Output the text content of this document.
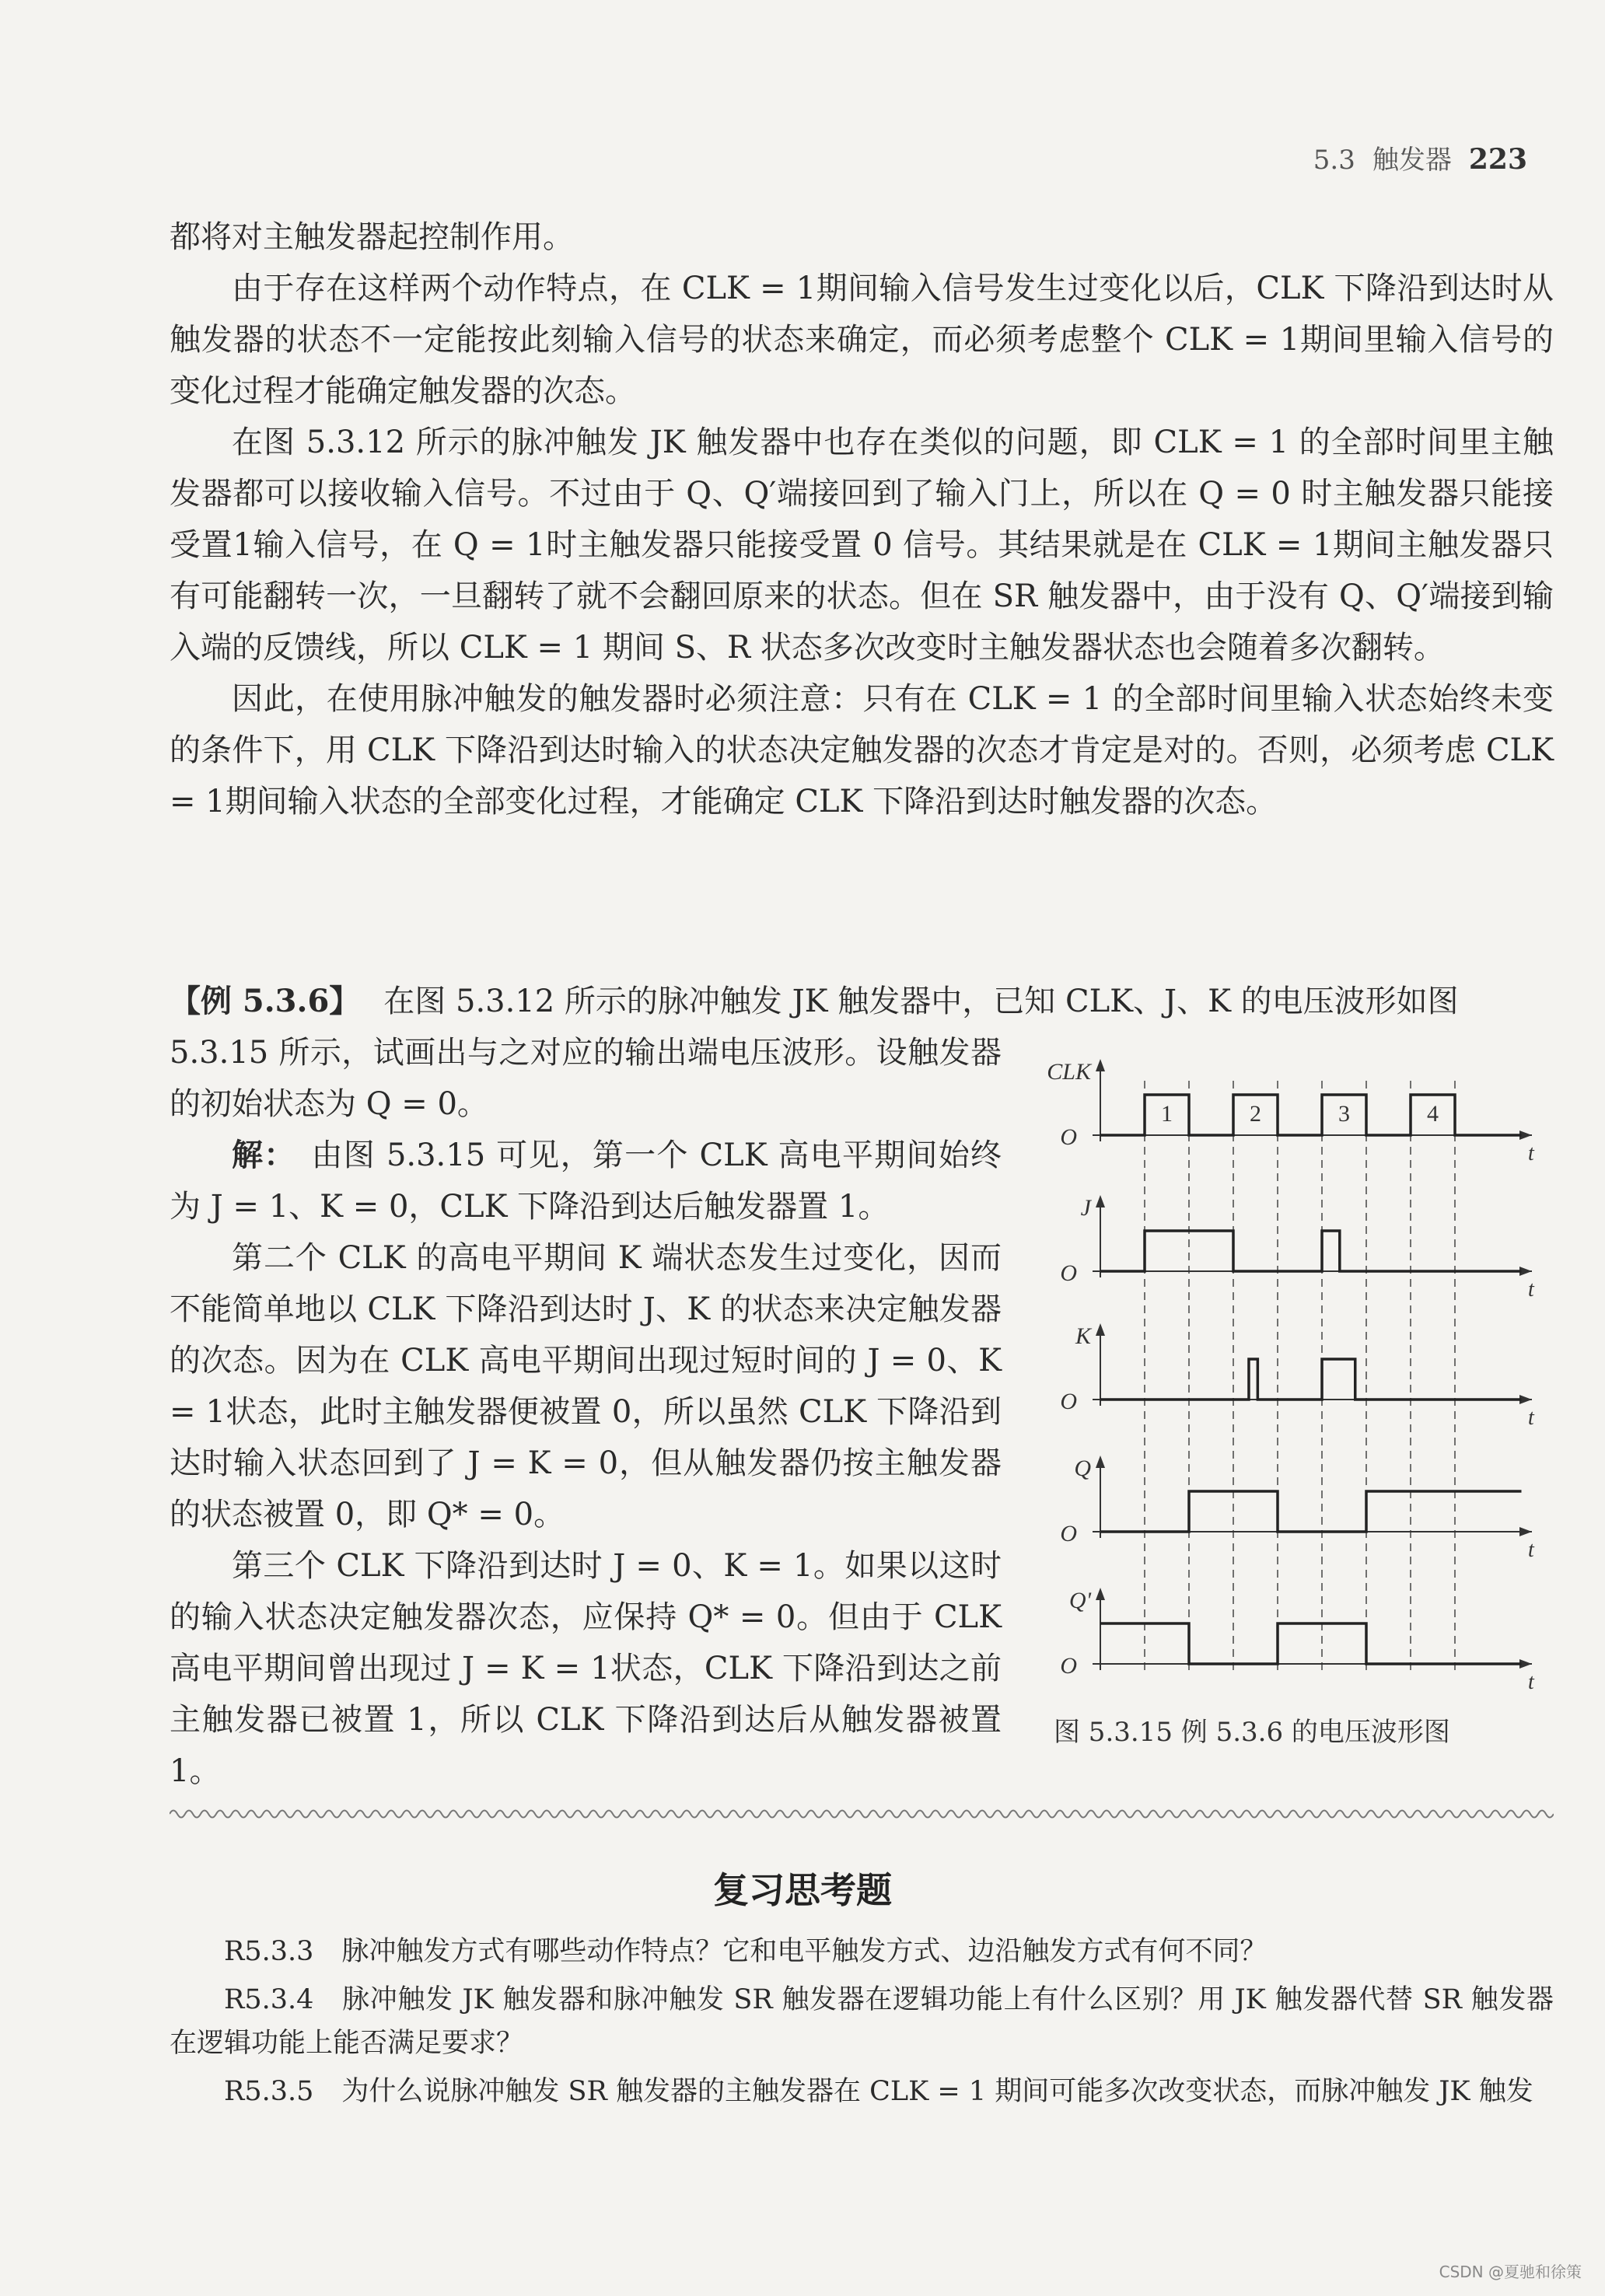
5.3 触发器 223

都将对主触发器起控制作用。

由于存在这样两个动作特点，在 CLK = 1期间输入信号发生过变化以后，CLK 下降沿到达时从触发器的状态不一定能按此刻输入信号的状态来确定，而必须考虑整个 CLK = 1期间里输入信号的变化过程才能确定触发器的次态。

在图 5.3.12 所示的脉冲触发 JK 触发器中也存在类似的问题，即 CLK = 1 的全部时间里主触发器都可以接收输入信号。不过由于 Q、Q′端接回到了输入门上，所以在 Q = 0 时主触发器只能接受置1输入信号，在 Q = 1时主触发器只能接受置 0 信号。其结果就是在 CLK = 1期间主触发器只有可能翻转一次，一旦翻转了就不会翻回原来的状态。但在 SR 触发器中，由于没有 Q、Q′端接到输入端的反馈线，所以 CLK = 1 期间 S、R 状态多次改变时主触发器状态也会随着多次翻转。

因此，在使用脉冲触发的触发器时必须注意：只有在 CLK = 1 的全部时间里输入状态始终未变的条件下，用 CLK 下降沿到达时输入的状态决定触发器的次态才肯定是对的。否则，必须考虑 CLK = 1期间输入状态的全部变化过程，才能确定 CLK 下降沿到达时触发器的次态。

【例 5.3.6】 在图 5.3.12 所示的脉冲触发 JK 触发器中，已知 CLK、J、K 的电压波形如图

5.3.15 所示，试画出与之对应的输出端电压波形。设触发器的初始状态为 Q = 0。

解： 由图 5.3.15 可见，第一个 CLK 高电平期间始终为 J = 1、K = 0，CLK 下降沿到达后触发器置 1。

第二个 CLK 的高电平期间 K 端状态发生过变化，因而不能简单地以 CLK 下降沿到达时 J、K 的状态来决定触发器的次态。因为在 CLK 高电平期间出现过短时间的 J = 0、K = 1状态，此时主触发器便被置 0，所以虽然 CLK 下降沿到达时输入状态回到了 J = K = 0，但从触发器仍按主触发器的状态被置 0，即 Q* = 0。

第三个 CLK 下降沿到达时 J = 0、K = 1。如果以这时的输入状态决定触发器次态，应保持 Q* = 0。但由于 CLK 高电平期间曾出现过 J = K = 1状态，CLK 下降沿到达之前主触发器已被置 1，所以 CLK 下降沿到达后从触发器被置 1。

CLK
O
t
J
O
t
K
O
t
Q
O
t
Q'
O
t
1	2	3	4
图 5.3.15 例 5.3.6 的电压波形图
复习思考题

R5.3.3 脉冲触发方式有哪些动作特点？它和电平触发方式、边沿触发方式有何不同？

R5.3.4 脉冲触发 JK 触发器和脉冲触发 SR 触发器在逻辑功能上有什么区别？用 JK 触发器代替 SR 触发器在逻辑功能上能否满足要求？

R5.3.5 为什么说脉冲触发 SR 触发器的主触发器在 CLK = 1 期间可能多次改变状态，而脉冲触发 JK 触发

CSDN @夏驰和徐策
